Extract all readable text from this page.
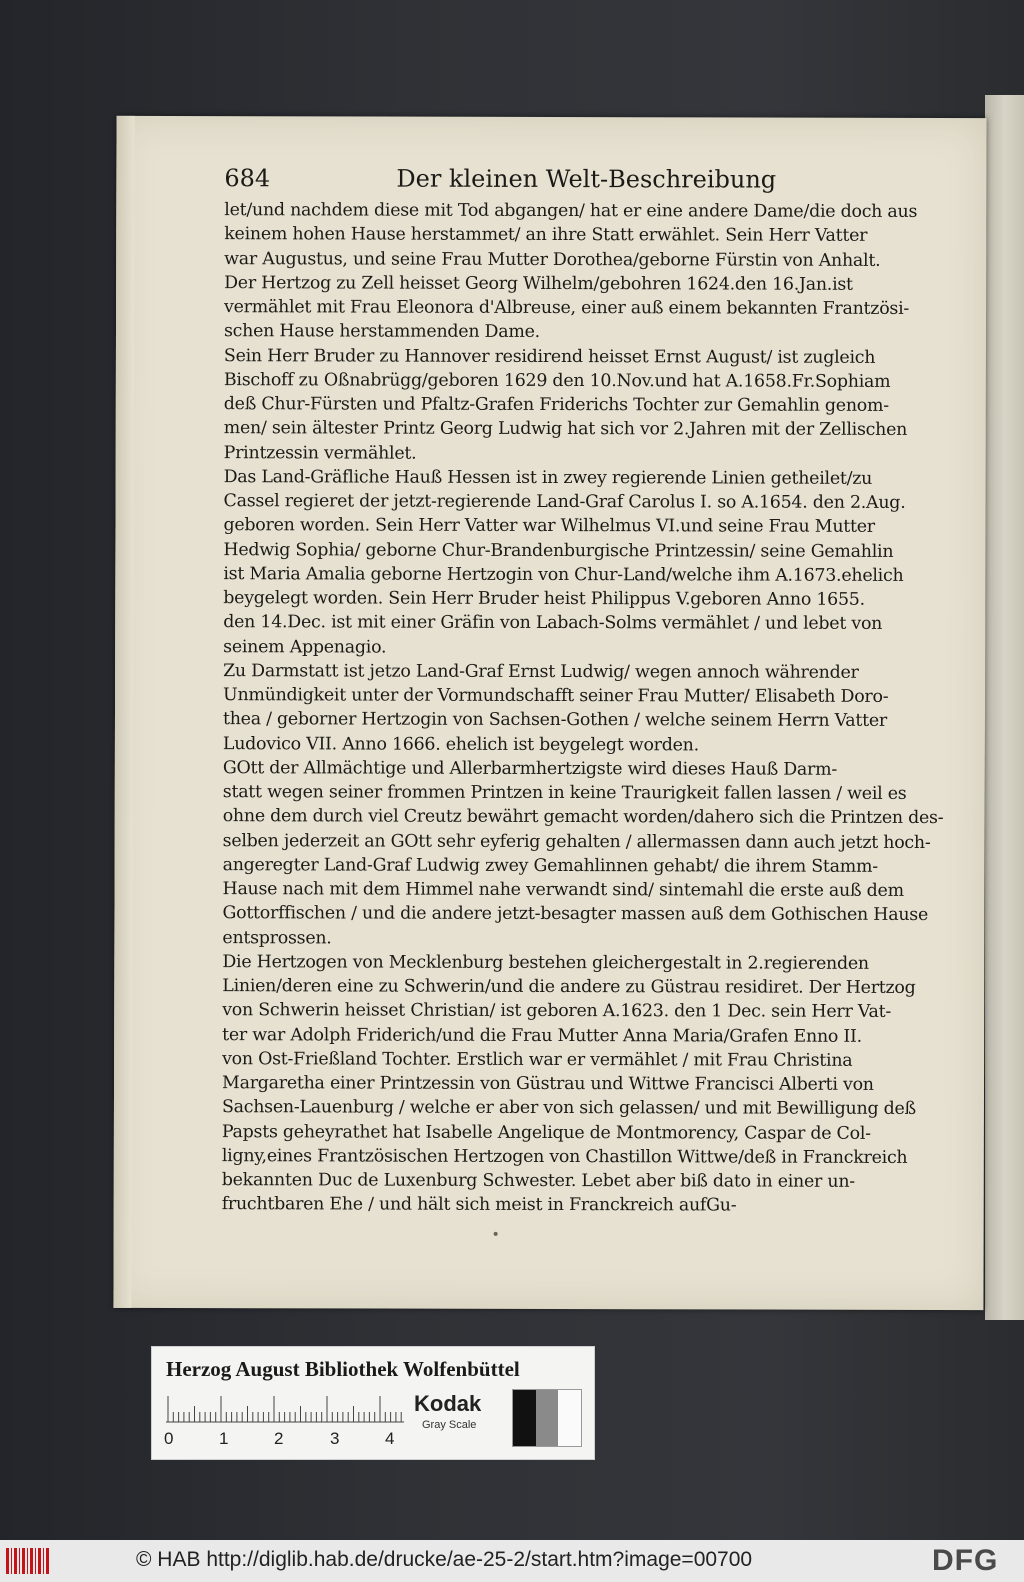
684	Der kleinen Welt-Beschreibung
let/und nachdem diese mit Tod abgangen/ hat er eine andere Dame/die doch aus
keinem hohen Hause herstammet/ an ihre Statt erwählet. Sein Herr Vatter
war Augustus, und seine Frau Mutter Dorothea/geborne Fürstin von Anhalt.
Der Hertzog zu Zell heisset Georg Wilhelm/gebohren 1624.den 16.Jan.ist
vermählet mit Frau Eleonora d'Albreuse, einer auß einem bekannten Frantzösi-
schen Hause herstammenden Dame.
Sein Herr Bruder zu Hannover residirend heisset Ernst August/ ist zugleich
Bischoff zu Oßnabrügg/geboren 1629 den 10.Nov.und hat A.1658.Fr.Sophiam
deß Chur-Fürsten und Pfaltz-Grafen Friderichs Tochter zur Gemahlin genom-
men/ sein ältester Printz Georg Ludwig hat sich vor 2.Jahren mit der Zellischen
Printzessin vermählet.
Das Land-Gräfliche Hauß Hessen ist in zwey regierende Linien getheilet/zu
Cassel regieret der jetzt-regierende Land-Graf Carolus I. so A.1654. den 2.Aug.
geboren worden. Sein Herr Vatter war Wilhelmus VI.und seine Frau Mutter
Hedwig Sophia/ geborne Chur-Brandenburgische Printzessin/ seine Gemahlin
ist Maria Amalia geborne Hertzogin von Chur-Land/welche ihm A.1673.ehelich
beygelegt worden. Sein Herr Bruder heist Philippus V.geboren Anno 1655.
den 14.Dec. ist mit einer Gräfin von Labach-Solms vermählet / und lebet von
seinem Appenagio.
Zu Darmstatt ist jetzo Land-Graf Ernst Ludwig/ wegen annoch währender
Unmündigkeit unter der Vormundschafft seiner Frau Mutter/ Elisabeth Doro-
thea / geborner Hertzogin von Sachsen-Gothen / welche seinem Herrn Vatter
Ludovico VII. Anno 1666. ehelich ist beygelegt worden.
GOtt der Allmächtige und Allerbarmhertzigste wird dieses Hauß Darm-
statt wegen seiner frommen Printzen in keine Traurigkeit fallen lassen / weil es
ohne dem durch viel Creutz bewährt gemacht worden/dahero sich die Printzen des-
selben jederzeit an GOtt sehr eyferig gehalten / allermassen dann auch jetzt hoch-
angeregter Land-Graf Ludwig zwey Gemahlinnen gehabt/ die ihrem Stamm-
Hause nach mit dem Himmel nahe verwandt sind/ sintemahl die erste auß dem
Gottorffischen / und die andere jetzt-besagter massen auß dem Gothischen Hause
entsprossen.
Die Hertzogen von Mecklenburg bestehen gleichergestalt in 2.regierenden
Linien/deren eine zu Schwerin/und die andere zu Güstrau residiret. Der Hertzog
von Schwerin heisset Christian/ ist geboren A.1623. den 1 Dec. sein Herr Vat-
ter war Adolph Friderich/und die Frau Mutter Anna Maria/Grafen Enno II.
von Ost-Frießland Tochter. Erstlich war er vermählet / mit Frau Christina
Margaretha einer Printzessin von Güstrau und Wittwe Francisci Alberti von
Sachsen-Lauenburg / welche er aber von sich gelassen/ und mit Bewilligung deß
Papsts geheyrathet hat Isabelle Angelique de Montmorency, Caspar de Col-
ligny,eines Frantzösischen Hertzogen von Chastillon Wittwe/deß in Franckreich
bekannten Duc de Luxenburg Schwester. Lebet aber biß dato in einer un-
fruchtbaren Ehe / und hält sich meist in Franckreich aufGu-
Herzog August Bibliothek Wolfenbüttel
0	1	2	3	4
Kodak
Gray Scale
© HAB http://diglib.hab.de/drucke/ae-25-2/start.htm?image=00700	DFG
